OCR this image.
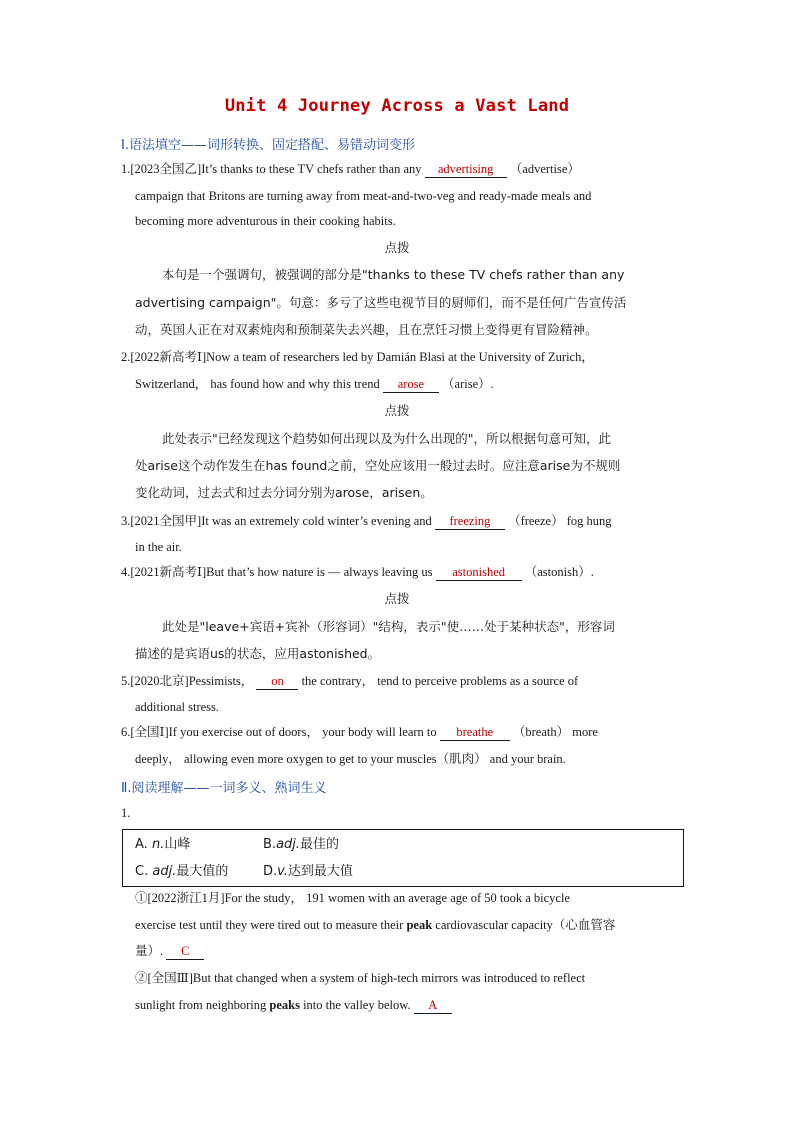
Unit 4 Journey Across a Vast Land
Ⅰ.语法填空——词形转换、固定搭配、易错动词变形
1.[2023全国乙]It’s thanks to these TV chefs rather than any advertising （advertise）
campaign that Britons are turning away from meat-and-two-veg and ready-made meals and
becoming more adventurous in their cooking habits.
点拨
本句是一个强调句，被强调的部分是"thanks to these TV chefs rather than any
advertising campaign"。句意：多亏了这些电视节目的厨师们，而不是任何广告宣传活
动，英国人正在对双素炖肉和预制菜失去兴趣，且在烹饪习惯上变得更有冒险精神。
2.[2022新高考Ⅰ]Now a team of researchers led by Damián Blasi at the University of Zurich，
Switzerland， has found how and why this trend arose （arise）.
点拨
此处表示"已经发现这个趋势如何出现以及为什么出现的"，所以根据句意可知，此
处arise这个动作发生在has found之前，空处应该用一般过去时。应注意arise为不规则
变化动词，过去式和过去分词分别为arose，arisen。
3.[2021全国甲]It was an extremely cold winter’s evening and freezing （freeze） fog hung
in the air.
4.[2021新高考Ⅰ]But that’s how nature is — always leaving us astonished （astonish）.
点拨
此处是"leave+宾语+宾补（形容词）"结构，表示"使……处于某种状态"，形容词
描述的是宾语us的状态，应用astonished。
5.[2020北京]Pessimists， on the contrary， tend to perceive problems as a source of
additional stress.
6.[全国Ⅰ]If you exercise out of doors， your body will learn to breathe （breath） more
deeply， allowing even more oxygen to get to your muscles（肌肉） and your brain.
Ⅱ.阅读理解——一词多义、熟词生义
1.
A. n.山峰	B.adj.最佳的
C. adj.最大值的	D.v.达到最大值
①[2022浙江1月]For the study， 191 women with an average age of 50 took a bicycle
exercise test until they were tired out to measure their peak cardiovascular capacity（心血管容
量）. C
②[全国Ⅲ]But that changed when a system of high-tech mirrors was introduced to reflect
sunlight from neighboring peaks into the valley below. A
